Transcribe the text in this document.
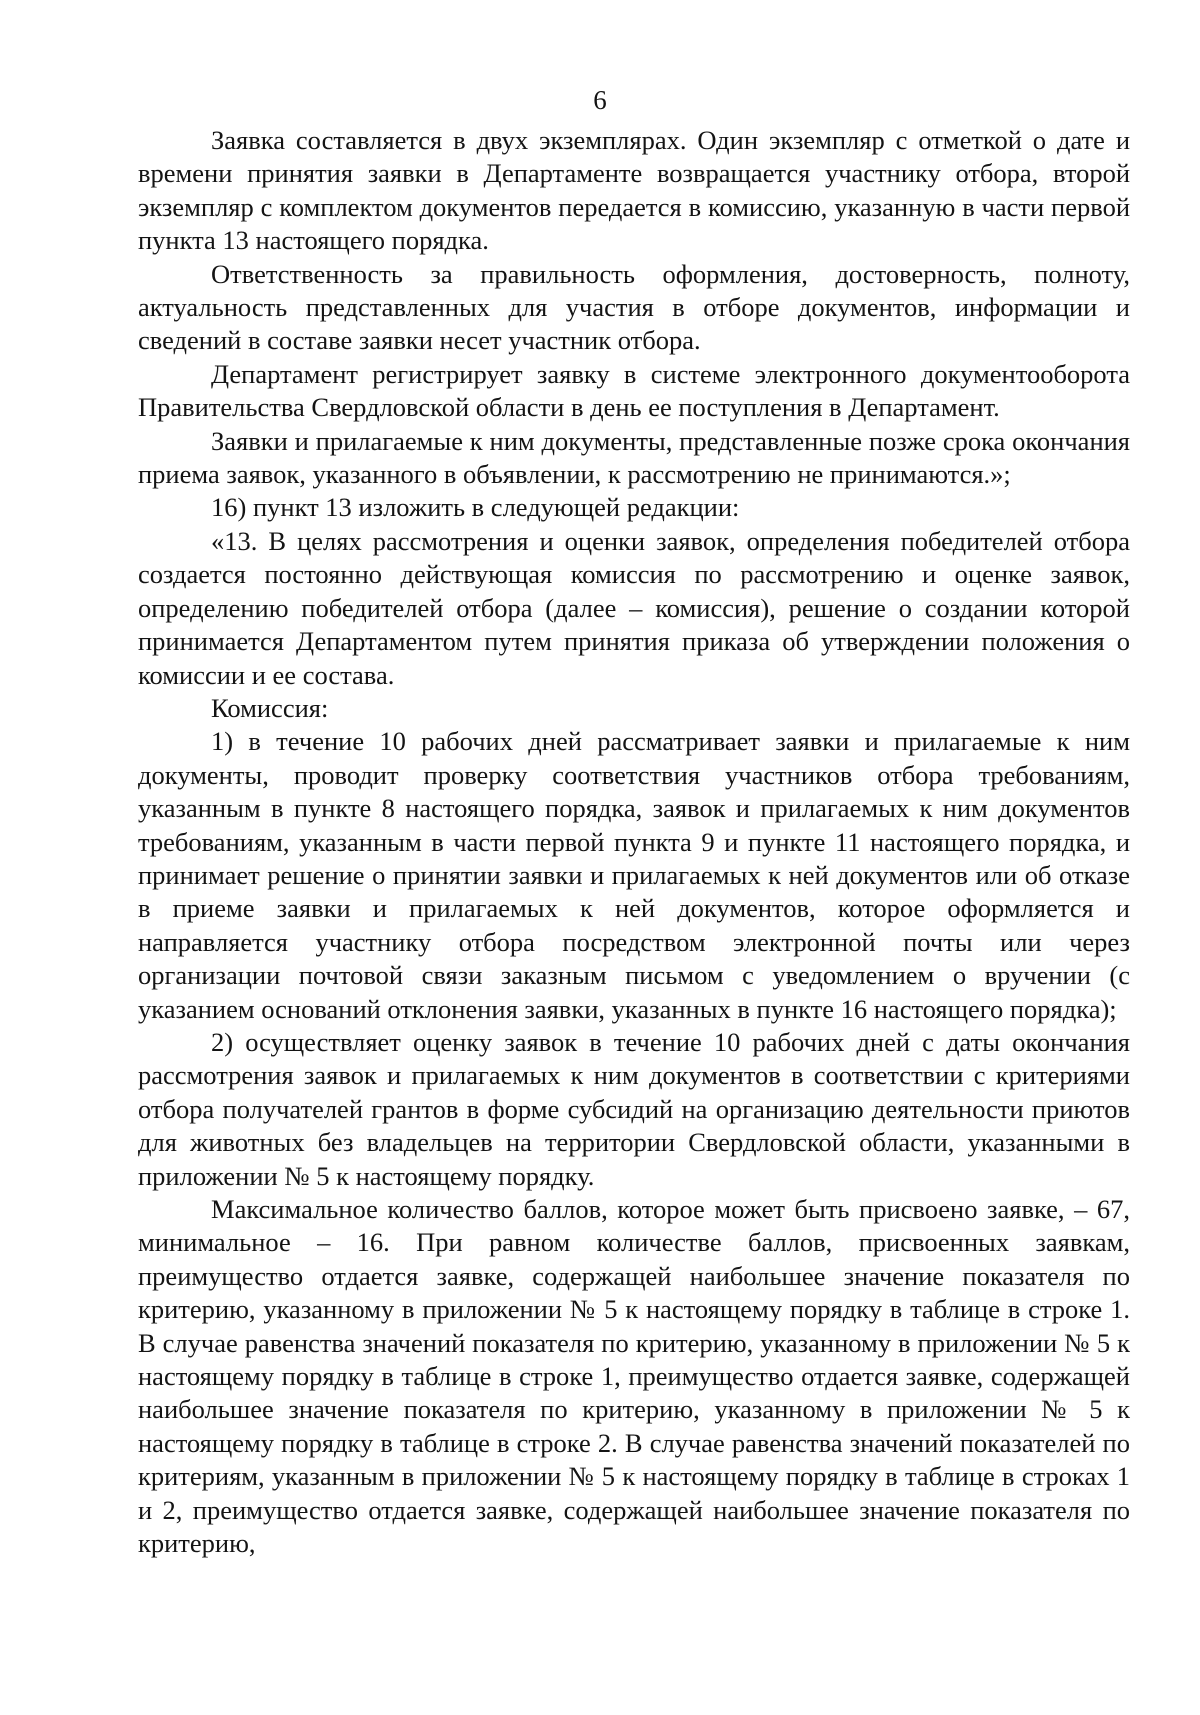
6

Заявка составляется в двух экземплярах. Один экземпляр с отметкой о дате и времени принятия заявки в Департаменте возвращается участнику отбора, второй экземпляр с комплектом документов передается в комиссию, указанную в части первой пункта 13 настоящего порядка.

Ответственность за правильность оформления, достоверность, полноту, актуальность представленных для участия в отборе документов, информации и сведений в составе заявки несет участник отбора.

Департамент регистрирует заявку в системе электронного документооборота Правительства Свердловской области в день ее поступления в Департамент.

Заявки и прилагаемые к ним документы, представленные позже срока окончания приема заявок, указанного в объявлении, к рассмотрению не принимаются.»;

16) пункт 13 изложить в следующей редакции:

«13. В целях рассмотрения и оценки заявок, определения победителей отбора создается постоянно действующая комиссия по рассмотрению и оценке заявок, определению победителей отбора (далее – комиссия), решение о создании которой принимается Департаментом путем принятия приказа об утверждении положения о комиссии и ее состава.

Комиссия:

1) в течение 10 рабочих дней рассматривает заявки и прилагаемые к ним документы, проводит проверку соответствия участников отбора требованиям, указанным в пункте 8 настоящего порядка, заявок и прилагаемых к ним документов требованиям, указанным в части первой пункта 9 и пункте 11 настоящего порядка, и принимает решение о принятии заявки и прилагаемых к ней документов или об отказе в приеме заявки и прилагаемых к ней документов, которое оформляется и направляется участнику отбора посредством электронной почты или через организации почтовой связи заказным письмом с уведомлением о вручении (с указанием оснований отклонения заявки, указанных в пункте 16 настоящего порядка);

2) осуществляет оценку заявок в течение 10 рабочих дней с даты окончания рассмотрения заявок и прилагаемых к ним документов в соответствии с критериями отбора получателей грантов в форме субсидий на организацию деятельности приютов для животных без владельцев на территории Свердловской области, указанными в приложении № 5 к настоящему порядку.

Максимальное количество баллов, которое может быть присвоено заявке, – 67, минимальное – 16. При равном количестве баллов, присвоенных заявкам, преимущество отдается заявке, содержащей наибольшее значение показателя по критерию, указанному в приложении № 5 к настоящему порядку в таблице в строке 1. В случае равенства значений показателя по критерию, указанному в приложении № 5 к настоящему порядку в таблице в строке 1, преимущество отдается заявке, содержащей наибольшее значение показателя по критерию, указанному в приложении № 5 к настоящему порядку в таблице в строке 2. В случае равенства значений показателей по критериям, указанным в приложении № 5 к настоящему порядку в таблице в строках 1 и 2, преимущество отдается заявке, содержащей наибольшее значение показателя по критерию,
